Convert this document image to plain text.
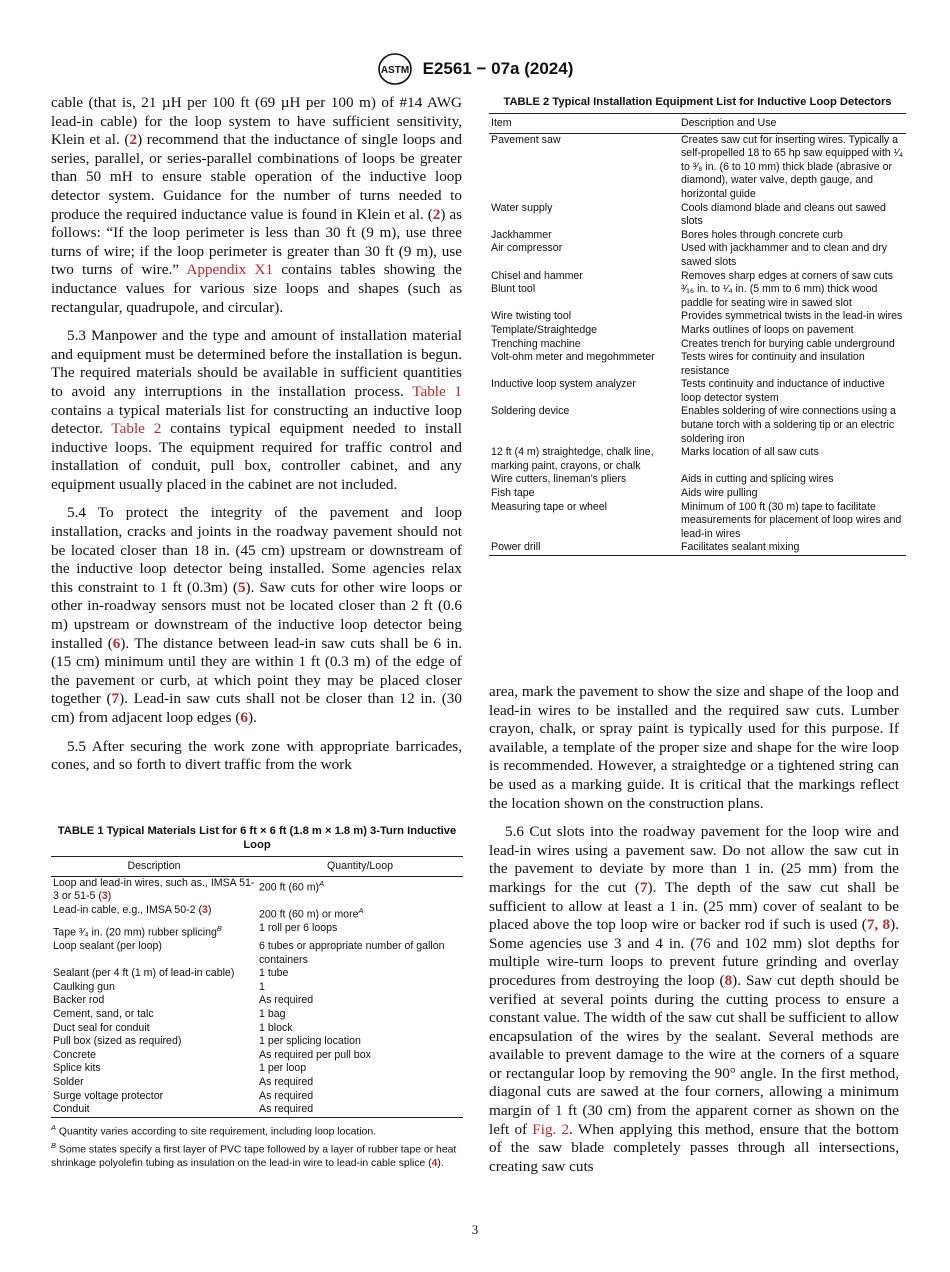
ASTM E2561 − 07a (2024)

cable (that is, 21 µH per 100 ft (69 µH per 100 m) of #14 AWG lead-in cable) for the loop system to have sufficient sensitivity, Klein et al. (2) recommend that the inductance of single loops and series, parallel, or series-parallel combinations of loops be greater than 50 mH to ensure stable operation of the inductive loop detector system. Guidance for the number of turns needed to produce the required inductance value is found in Klein et al. (2) as follows: “If the loop perimeter is less than 30 ft (9 m), use three turns of wire; if the loop perimeter is greater than 30 ft (9 m), use two turns of wire.” Appendix X1 contains tables showing the inductance values for various size loops and shapes (such as rectangular, quadrupole, and circular).

5.3 Manpower and the type and amount of installation material and equipment must be determined before the installation is begun. The required materials should be available in sufficient quantities to avoid any interruptions in the installation process. Table 1 contains a typical materials list for constructing an inductive loop detector. Table 2 contains typical equipment needed to install inductive loops. The equipment required for traffic control and installation of conduit, pull box, controller cabinet, and any equipment usually placed in the cabinet are not included.

5.4 To protect the integrity of the pavement and loop installation, cracks and joints in the roadway pavement should not be located closer than 18 in. (45 cm) upstream or downstream of the inductive loop detector being installed. Some agencies relax this constraint to 1 ft (0.3m) (5). Saw cuts for other wire loops or other in-roadway sensors must not be located closer than 2 ft (0.6 m) upstream or downstream of the inductive loop detector being installed (6). The distance between lead-in saw cuts shall be 6 in. (15 cm) minimum until they are within 1 ft (0.3 m) of the edge of the pavement or curb, at which point they may be placed closer together (7). Lead-in saw cuts shall not be closer than 12 in. (30 cm) from adjacent loop edges (6).

5.5 After securing the work zone with appropriate barricades, cones, and so forth to divert traffic from the work

TABLE 2 Typical Installation Equipment List for Inductive Loop Detectors
Item	Description and Use
Pavement saw	Creates saw cut for inserting wires. Typically a self-propelled 18 to 65 hp saw equipped with ¹⁄₄ to ³⁄₈ in. (6 to 10 mm) thick blade (abrasive or diamond), water valve, depth gauge, and horizontal guide
Water supply	Cools diamond blade and cleans out sawed slots
Jackhammer	Bores holes through concrete curb
Air compressor	Used with jackhammer and to clean and dry sawed slots
Chisel and hammer	Removes sharp edges at corners of saw cuts
Blunt tool	³⁄₁₆ in. to ¹⁄₄ in. (5 mm to 6 mm) thick wood paddle for seating wire in sawed slot
Wire twisting tool	Provides symmetrical twists in the lead-in wires
Template/Straightedge	Marks outlines of loops on pavement
Trenching machine	Creates trench for burying cable underground
Volt-ohm meter and megohmmeter	Tests wires for continuity and insulation resistance
Inductive loop system analyzer	Tests continuity and inductance of inductive loop detector system
Soldering device	Enables soldering of wire connections using a butane torch with a soldering tip or an electric soldering iron
12 ft (4 m) straightedge, chalk line, marking paint, crayons, or chalk	Marks location of all saw cuts
Wire cutters, lineman’s pliers	Aids in cutting and splicing wires
Fish tape	Aids wire pulling
Measuring tape or wheel	Minimum of 100 ft (30 m) tape to facilitate measurements for placement of loop wires and lead-in wires
Power drill	Facilitates sealant mixing

area, mark the pavement to show the size and shape of the loop and lead-in wires to be installed and the required saw cuts. Lumber crayon, chalk, or spray paint is typically used for this purpose. If available, a template of the proper size and shape for the wire loop is recommended. However, a straightedge or a tightened string can be used as a marking guide. It is critical that the markings reflect the location shown on the construction plans.

5.6 Cut slots into the roadway pavement for the loop wire and lead-in wires using a pavement saw. Do not allow the saw cut in the pavement to deviate by more than 1 in. (25 mm) from the markings for the cut (7). The depth of the saw cut shall be sufficient to allow at least a 1 in. (25 mm) cover of sealant to be placed above the top loop wire or backer rod if such is used (7, 8). Some agencies use 3 and 4 in. (76 and 102 mm) slot depths for multiple wire-turn loops to prevent future grinding and overlay procedures from destroying the loop (8). Saw cut depth should be verified at several points during the cutting process to ensure a constant value. The width of the saw cut shall be sufficient to allow encapsulation of the wires by the sealant. Several methods are available to prevent damage to the wire at the corners of a square or rectangular loop by removing the 90° angle. In the first method, diagonal cuts are sawed at the four corners, allowing a minimum margin of 1 ft (30 cm) from the apparent corner as shown on the left of Fig. 2. When applying this method, ensure that the bottom of the saw blade completely passes through all intersections, creating saw cuts

TABLE 1 Typical Materials List for 6 ft × 6 ft (1.8 m × 1.8 m) 3-Turn Inductive Loop
Description	Quantity/Loop
Loop and lead-in wires, such as., IMSA 51-3 or 51-5 (3)	200 ft (60 m)$^A$
Lead-in cable, e.g., IMSA 50-2 (3)	200 ft (60 m) or more$^A$
Tape ³⁄₄ in. (20 mm) rubber splicing$^B$	1 roll per 6 loops
Loop sealant (per loop)	6 tubes or appropriate number of gallon containers
Sealant (per 4 ft (1 m) of lead-in cable)	1 tube
Caulking gun	1
Backer rod	As required
Cement, sand, or talc	1 bag
Duct seal for conduit	1 block
Pull box (sized as required)	1 per splicing location
Concrete	As required per pull box
Splice kits	1 per loop
Solder	As required
Surge voltage protector	As required
Conduit	As required
$^A$ Quantity varies according to site requirement, including loop location.
$^B$ Some states specify a first layer of PVC tape followed by a layer of rubber tape or heat shrinkage polyolefin tubing as insulation on the lead-in wire to lead-in cable splice (4).
3
